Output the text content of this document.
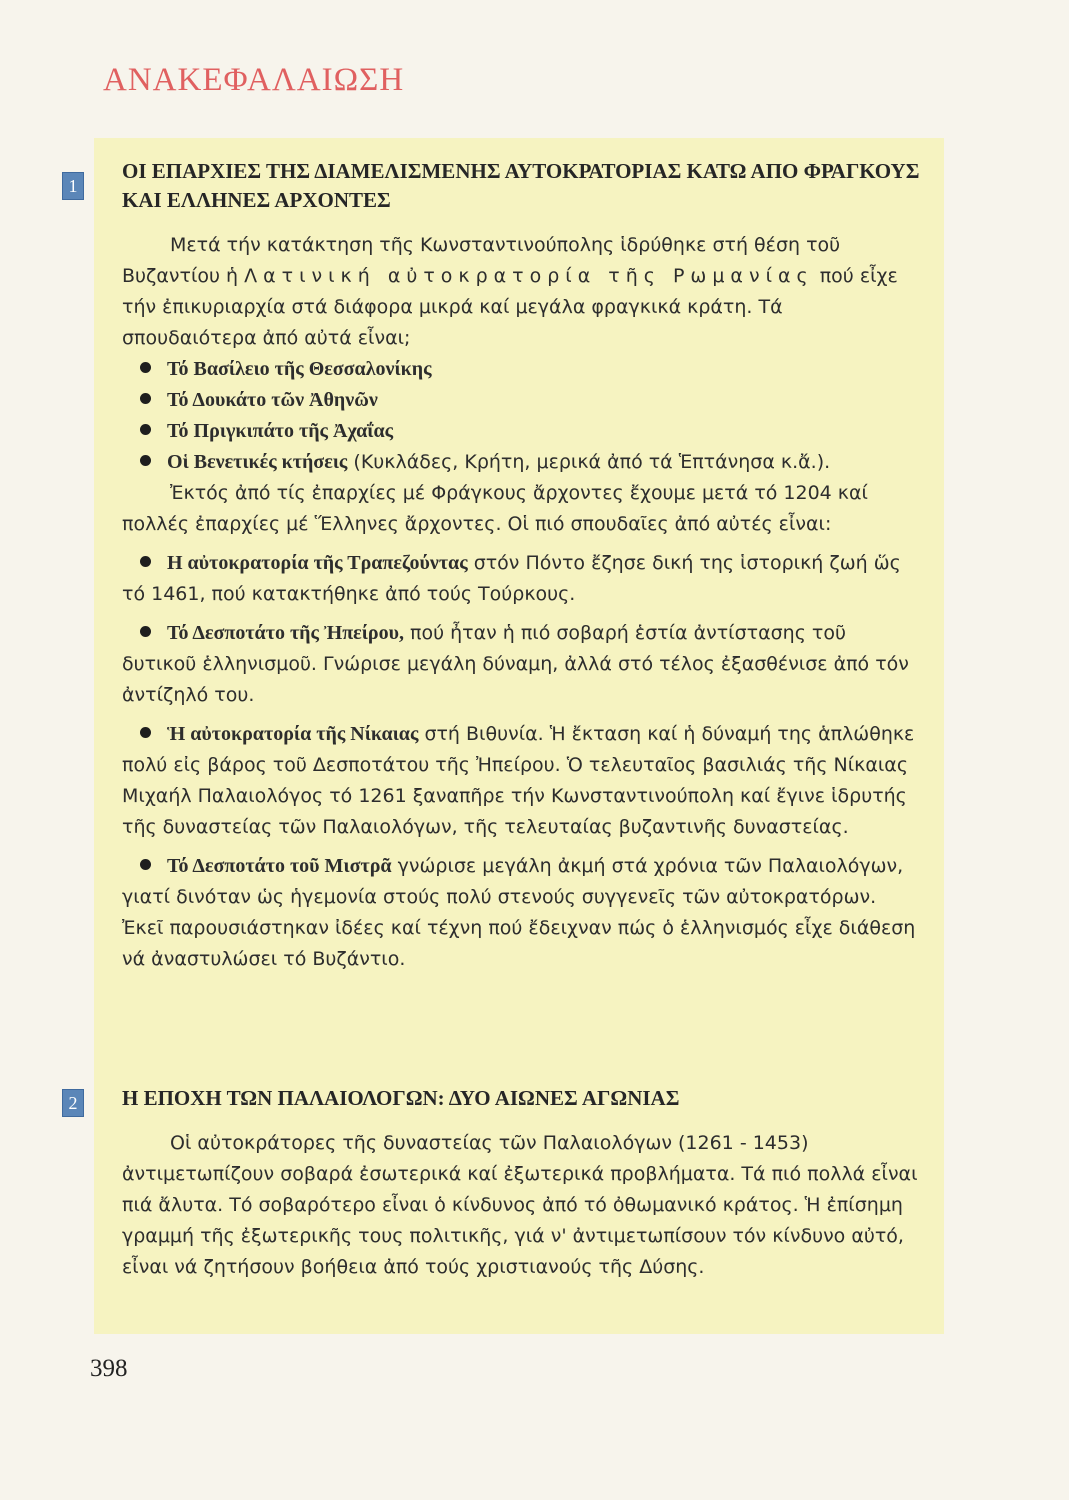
ΑΝΑΚΕΦΑΛΑΙΩΣΗ
1
ΟΙ ΕΠΑΡΧΙΕΣ ΤΗΣ ΔΙΑΜΕΛΙΣΜΕΝΗΣ ΑΥΤΟΚΡΑΤΟΡΙΑΣ ΚΑΤΩ ΑΠΟ ΦΡΑΓΚΟΥΣ ΚΑΙ ΕΛΛΗΝΕΣ ΑΡΧΟΝΤΕΣ

Μετά τήν κατάκτηση τῆς Κωνσταντινούπολης ἱδρύθηκε στή θέση τοῦ Βυζαντίου ἡ Λατινική αὐτοκρατορία τῆς Ρωμανίας πού εἶχε τήν ἐπικυριαρχία στά διάφορα μικρά καί μεγάλα φραγκικά κράτη. Τά σπουδαιότερα ἀπό αὐτά εἶναι;

Τό Βασίλειο τῆς Θεσσαλονίκης
Τό Δουκάτο τῶν Ἀθηνῶν
Τό Πριγκιπάτο τῆς Ἀχαΐας
Οἱ Βενετικές κτήσεις (Κυκλάδες, Κρήτη, μερικά ἀπό τά Ἑπτάνησα κ.ἄ.).

Ἐκτός ἀπό τίς ἐπαρχίες μέ Φράγκους ἄρχοντες ἔχουμε μετά τό 1204 καί πολλές ἐπαρχίες μέ Ἕλληνες ἄρχοντες. Οἱ πιό σπουδαῖες ἀπό αὐτές εἶναι:

Η αὐτοκρατορία τῆς Τραπεζούντας στόν Πόντο ἔζησε δική της ἱστορική ζωή ὥς τό 1461, πού κατακτήθηκε ἀπό τούς Τούρκους.
Τό Δεσποτάτο τῆς Ἠπείρου, πού ἦταν ἡ πιό σοβαρή ἑστία ἀντίστασης τοῦ δυτικοῦ ἑλληνισμοῦ. Γνώρισε μεγάλη δύναμη, ἀλλά στό τέλος ἐξασθένισε ἀπό τόν ἀντίζηλό του.
Ἡ αὐτοκρατορία τῆς Νίκαιας στή Βιθυνία. Ἡ ἔκταση καί ἡ δύναμή της ἁπλώθηκε πολύ εἰς βάρος τοῦ Δεσποτάτου τῆς Ἠπείρου. Ὁ τελευταῖος βασιλιάς τῆς Νίκαιας Μιχαήλ Παλαιολόγος τό 1261 ξαναπῆρε τήν Κωνσταντινούπολη καί ἔγινε ἱδρυτής τῆς δυναστείας τῶν Παλαιολόγων, τῆς τελευταίας βυζαντινῆς δυναστείας.
Τό Δεσποτάτο τοῦ Μιστρᾶ γνώρισε μεγάλη ἀκμή στά χρόνια τῶν Παλαιολόγων, γιατί δινόταν ὡς ἡγεμονία στούς πολύ στενούς συγγενεῖς τῶν αὐτοκρατόρων. Ἐκεῖ παρουσιάστηκαν ἰδέες καί τέχνη πού ἔδειχναν πώς ὁ ἑλληνισμός εἶχε διάθεση νά ἀναστυλώσει τό Βυζάντιο.
2	Η ΕΠΟΧΗ ΤΩΝ ΠΑΛΑΙΟΛΟΓΩΝ: ΔΥΟ ΑΙΩΝΕΣ ΑΓΩΝΙΑΣ

Οἱ αὐτοκράτορες τῆς δυναστείας τῶν Παλαιολόγων (1261 - 1453) ἀντιμετωπίζουν σοβαρά ἐσωτερικά καί ἐξωτερικά προβλήματα. Τά πιό πολλά εἶναι πιά ἄλυτα. Τό σοβαρότερο εἶναι ὁ κίνδυνος ἀπό τό ὀθωμανικό κράτος. Ἡ ἐπίσημη γραμμή τῆς ἐξωτερικῆς τους πολιτικῆς, γιά ν' ἀντιμετωπίσουν τόν κίνδυνο αὐτό, εἶναι νά ζητήσουν βοήθεια ἀπό τούς χριστιανούς τῆς Δύσης.

398
